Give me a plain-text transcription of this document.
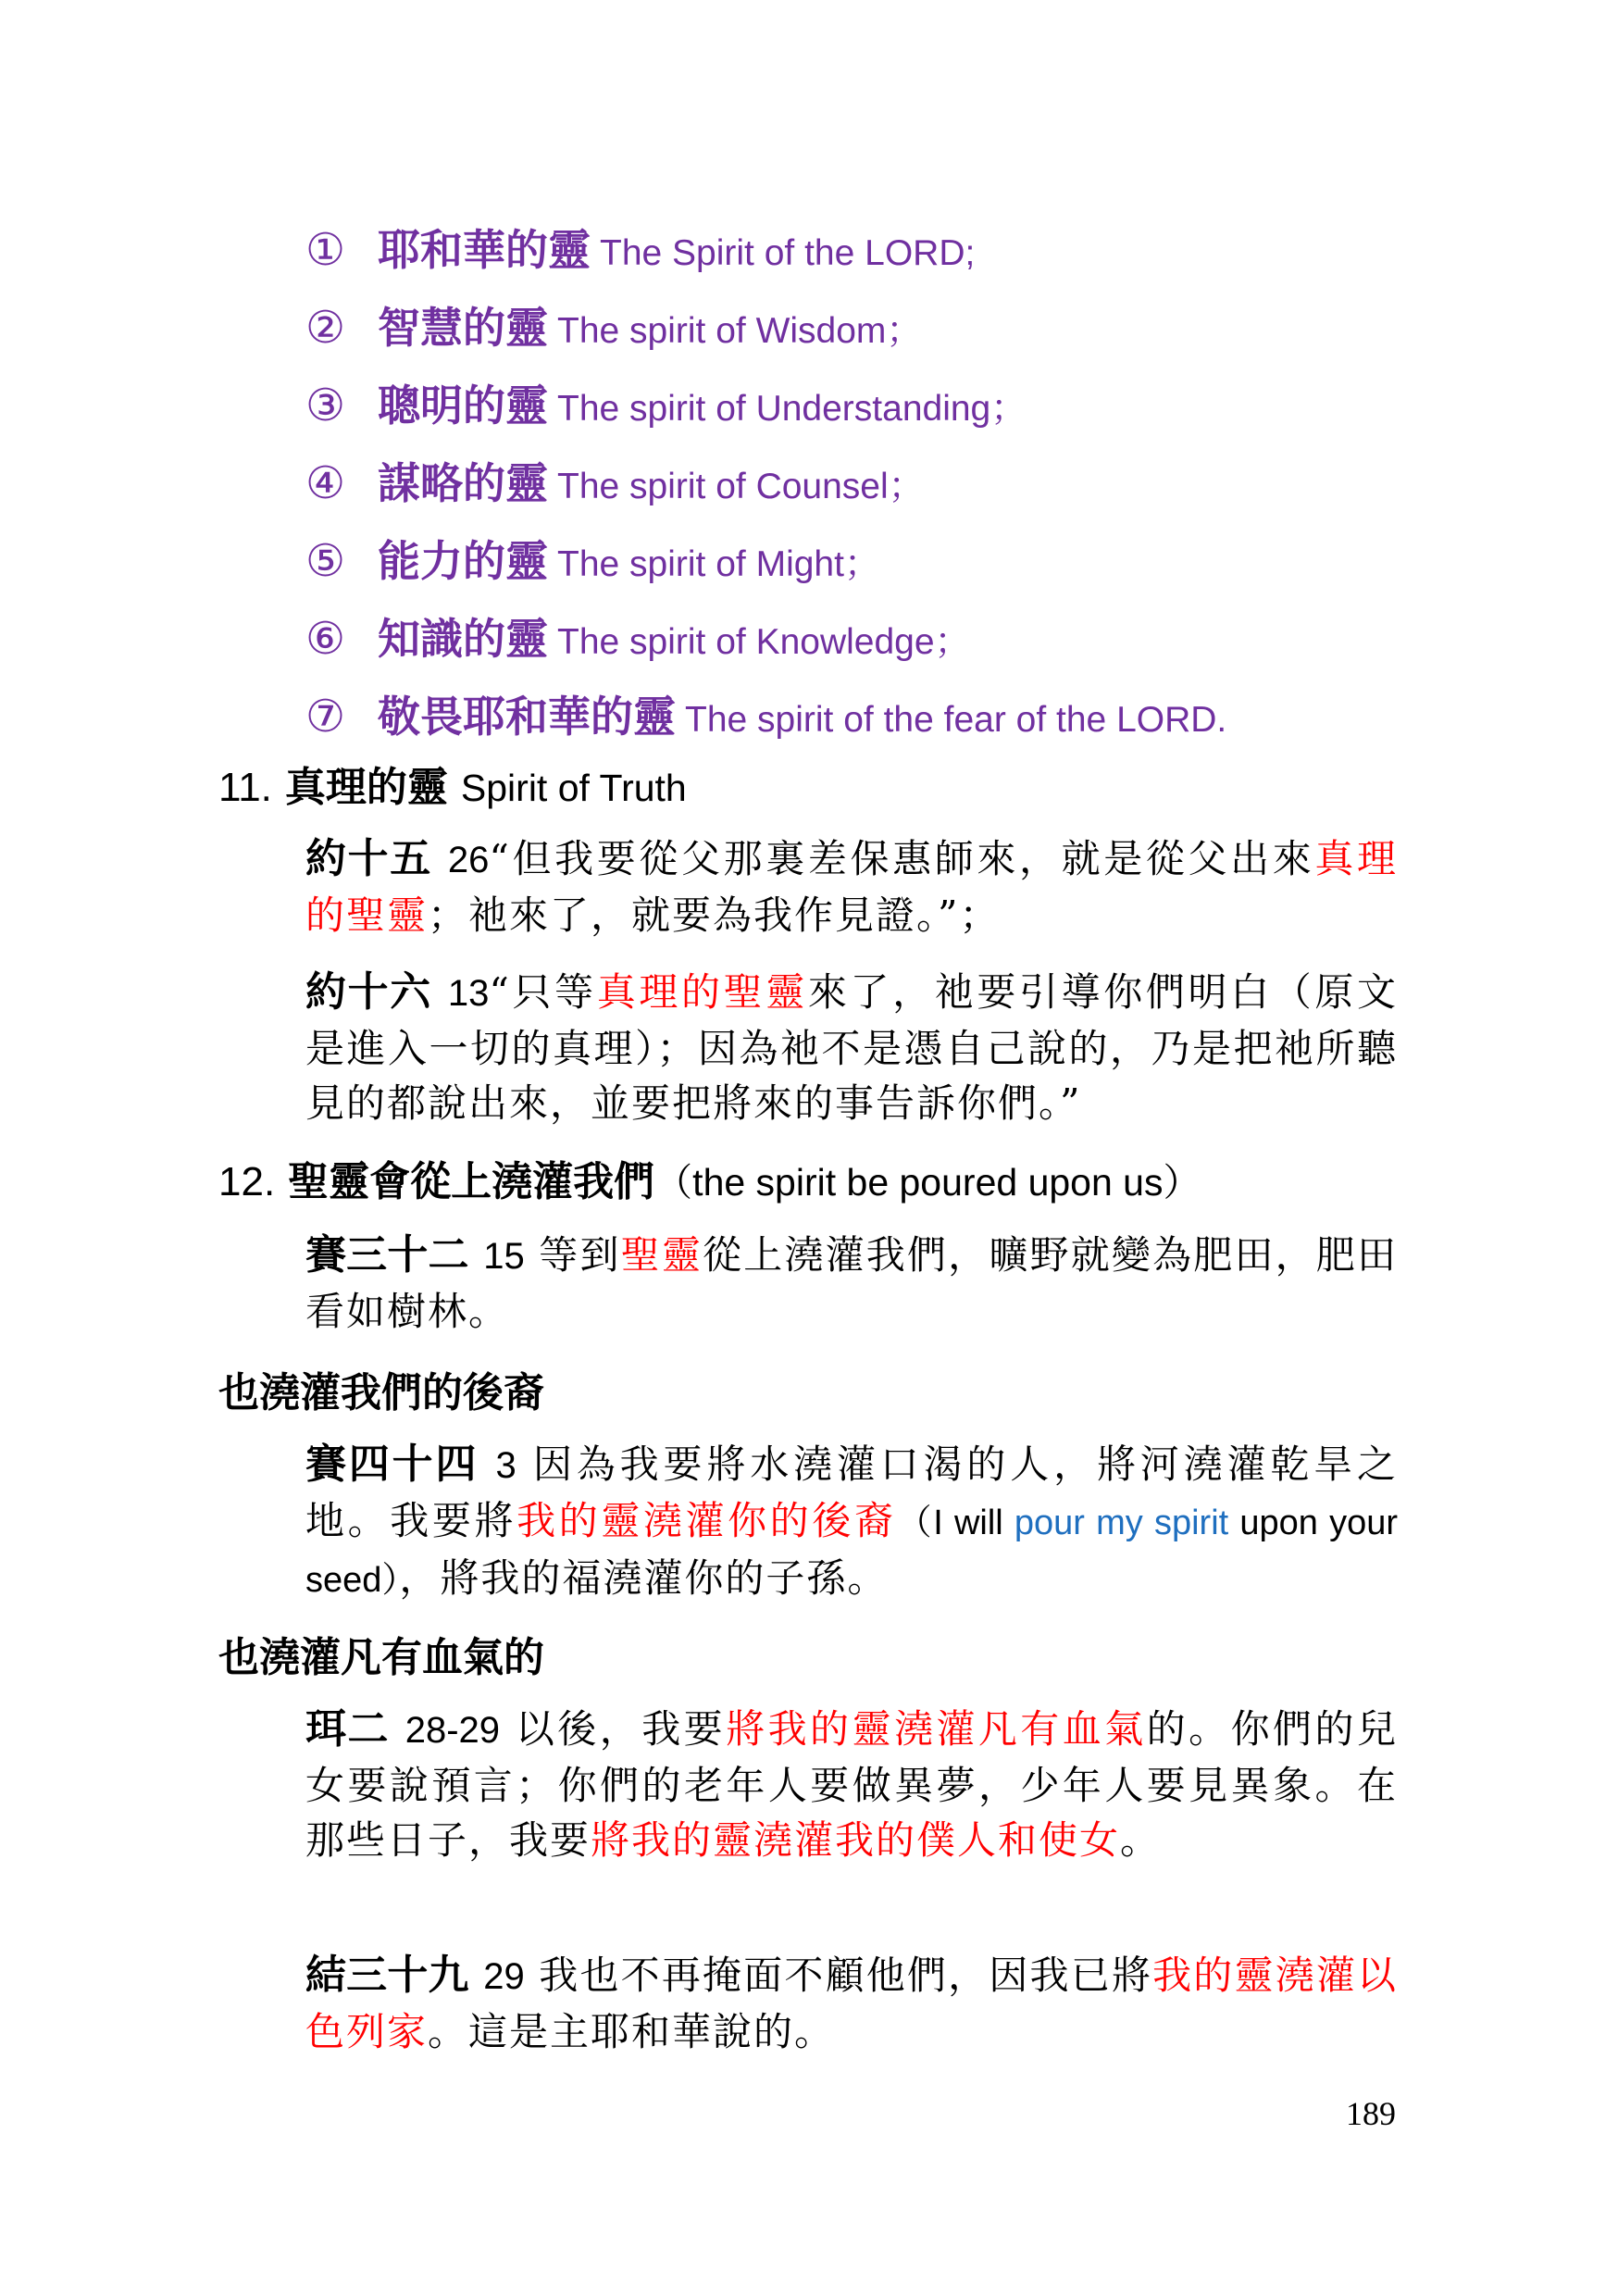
① 耶和華的靈 The Spirit of the LORD;
② 智慧的靈 The spirit of Wisdom；
③ 聰明的靈 The spirit of Understanding；
④ 謀略的靈 The spirit of Counsel；
⑤ 能力的靈 The spirit of Might；
⑥ 知識的靈 The spirit of Knowledge；
⑦ 敬畏耶和華的靈 The spirit of the fear of the LORD.
11. 真理的靈 Spirit of Truth

約十五 26“但我要從父那裏差保惠師來，就是從父出來真理的聖靈；祂來了，就要為我作見證。”；

約十六 13“只等真理的聖靈來了，祂要引導你們明白（原文是進入一切的真理）；因為祂不是憑自己說的，乃是把祂所聽見的都說出來，並要把將來的事告訴你們。”

12. 聖靈會從上澆灌我們（the spirit be poured upon us）

賽三十二 15 等到聖靈從上澆灌我們，曠野就變為肥田，肥田看如樹林。

也澆灌我們的後裔

賽四十四 3 因為我要將水澆灌口渴的人，將河澆灌乾旱之地。我要將我的靈澆灌你的後裔（I will pour my spirit upon your seed），將我的福澆灌你的子孫。

也澆灌凡有血氣的

珥二 28-29 以後，我要將我的靈澆灌凡有血氣的。你們的兒女要說預言；你們的老年人要做異夢，少年人要見異象。在那些日子，我要將我的靈澆灌我的僕人和使女。

結三十九 29 我也不再掩面不顧他們，因我已將我的靈澆灌以色列家。這是主耶和華說的。

189
